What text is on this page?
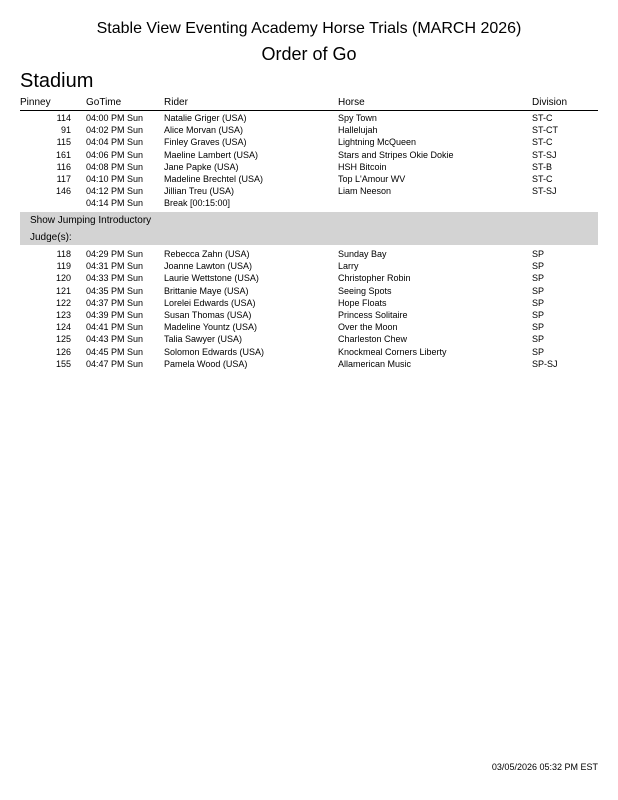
Stable View Eventing Academy Horse Trials (MARCH 2026)
Order of Go
Stadium
Pinney	GoTime	Rider	Horse	Division
114 04:00 PM Sun Natalie Griger (USA)	Spy Town	ST-C
91 04:02 PM Sun Alice Morvan (USA)	Hallelujah	ST-CT
115 04:04 PM Sun Finley Graves (USA)	Lightning McQueen	ST-C
161 04:06 PM Sun Maeline Lambert (USA)	Stars and Stripes Okie Dokie	ST-SJ
116 04:08 PM Sun Jane Papke (USA)	HSH Bitcoin	ST-B
117 04:10 PM Sun Madeline Brechtel (USA)	Top L'Amour WV	ST-C
146 04:12 PM Sun Jillian Treu (USA)	Liam Neeson	ST-SJ
04:14 PM Sun Break [00:15:00]
Show Jumping Introductory
Judge(s):
118 04:29 PM Sun Rebecca Zahn (USA)	Sunday Bay	SP
119 04:31 PM Sun Joanne Lawton (USA)	Larry	SP
120 04:33 PM Sun Laurie Wettstone (USA)	Christopher Robin	SP
121 04:35 PM Sun Brittanie Maye (USA)	Seeing Spots	SP
122 04:37 PM Sun Lorelei Edwards (USA)	Hope Floats	SP
123 04:39 PM Sun Susan Thomas (USA)	Princess Solitaire	SP
124 04:41 PM Sun Madeline Yountz (USA)	Over the Moon	SP
125 04:43 PM Sun Talia Sawyer (USA)	Charleston Chew	SP
126 04:45 PM Sun Solomon Edwards (USA)	Knockmeal Corners Liberty	SP
155 04:47 PM Sun Pamela Wood (USA)	Allamerican Music	SP-SJ
03/05/2026 05:32 PM EST
